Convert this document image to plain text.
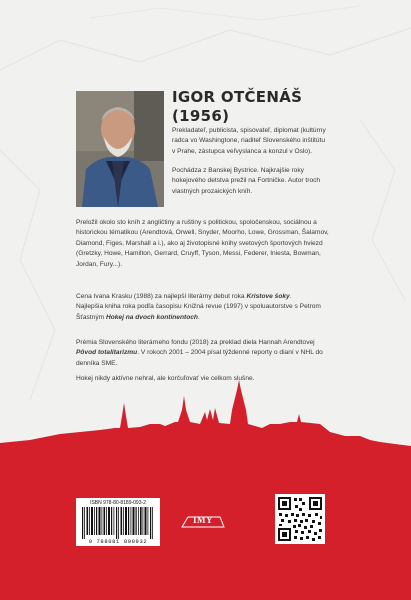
IGOR OTČENÁŠ
(1956)
Prekladateľ, publicista, spisovateľ, diplomat (kultúrny
radca vo Washingtone, riaditeľ Slovenského inštitútu
v Prahe, zástupca veľvyslanca a konzul v Oslo).
Pochádza z Banskej Bystrice. Najkrajšie roky
hokejového detstva prežil na Fortničke. Autor troch
vlastných prozaických kníh.
Preložil okolo sto kníh z angličtiny a ruštiny s politickou, spoločenskou, sociálnou a
historickou tématikou (Arendtová, Orwell, Snyder, Moorho, Lowe, Grossman, Šalamov,
Diamond, Figes, Marshall a i.), ako aj životopisné knihy svetových športových hviezd
(Gretzky, Howe, Hamilton, Gerrard, Cruyff, Tyson, Messi, Federer, Iniesta, Bowman,
Jordan, Fury...).
Cena Ivana Krasku (1988) za najlepší literárny debut roka Kristove šoky.
Najlepšia kniha roka podľa časopisu Knižná revue (1997) v spoluautorstve s Petrom
Šťastným Hokej na dvoch kontinentoch.
Prémia Slovenského literárneho fondu (2018) za preklad diela Hannah Arendtovej
Pôvod totalitarizmu. V rokoch 2001 – 2004 písal týždenné reporty o dianí v NHL do
denníka SME.
Hokej nikdy aktívne nehral, ale korčuľovať vie celkom slušne.
ISBN 978-80-8189-093-2
9 788081 890932
IMY
